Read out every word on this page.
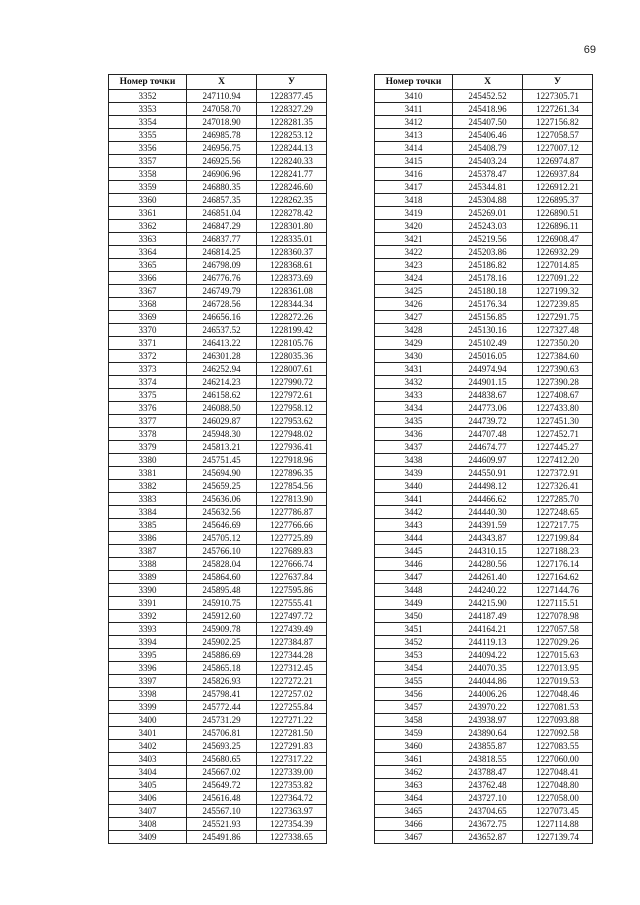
69
Номер точки	X	У
3352	247110.94	1228377.45
3353	247058.70	1228327.29
3354	247018.90	1228281.35
3355	246985.78	1228253.12
3356	246956.75	1228244.13
3357	246925.56	1228240.33
3358	246906.96	1228241.77
3359	246880.35	1228246.60
3360	246857.35	1228262.35
3361	246851.04	1228278.42
3362	246847.29	1228301.80
3363	246837.77	1228335.01
3364	246814.25	1228360.37
3365	246798.09	1228368.61
3366	246776.76	1228373.69
3367	246749.79	1228361.08
3368	246728.56	1228344.34
3369	246656.16	1228272.26
3370	246537.52	1228199.42
3371	246413.22	1228105.76
3372	246301.28	1228035.36
3373	246252.94	1228007.61
3374	246214.23	1227990.72
3375	246158.62	1227972.61
3376	246088.50	1227958.12
3377	246029.87	1227953.62
3378	245948.30	1227948.02
3379	245813.21	1227936.41
3380	245751.45	1227918.96
3381	245694.90	1227896.35
3382	245659.25	1227854.56
3383	245636.06	1227813.90
3384	245632.56	1227786.87
3385	245646.69	1227766.66
3386	245705.12	1227725.89
3387	245766.10	1227689.83
3388	245828.04	1227666.74
3389	245864.60	1227637.84
3390	245895.48	1227595.86
3391	245910.75	1227555.41
3392	245912.60	1227497.72
3393	245909.78	1227439.49
3394	245902.25	1227384.87
3395	245886.69	1227344.28
3396	245865.18	1227312.45
3397	245826.93	1227272.21
3398	245798.41	1227257.02
3399	245772.44	1227255.84
3400	245731.29	1227271.22
3401	245706.81	1227281.50
3402	245693.25	1227291.83
3403	245680.65	1227317.22
3404	245667.02	1227339.00
3405	245649.72	1227353.82
3406	245616.48	1227364.72
3407	245567.10	1227363.97
3408	245521.93	1227354.39
3409	245491.86	1227338.65
Номер точки	X	У
3410	245452.52	1227305.71
3411	245418.96	1227261.34
3412	245407.50	1227156.82
3413	245406.46	1227058.57
3414	245408.79	1227007.12
3415	245403.24	1226974.87
3416	245378.47	1226937.84
3417	245344.81	1226912.21
3418	245304.88	1226895.37
3419	245269.01	1226890.51
3420	245243.03	1226896.11
3421	245219.56	1226908.47
3422	245203.86	1226932.29
3423	245186.82	1227014.85
3424	245178.16	1227091.22
3425	245180.18	1227199.32
3426	245176.34	1227239.85
3427	245156.85	1227291.75
3428	245130.16	1227327.48
3429	245102.49	1227350.20
3430	245016.05	1227384.60
3431	244974.94	1227390.63
3432	244901.15	1227390.28
3433	244838.67	1227408.67
3434	244773.06	1227433.80
3435	244739.72	1227451.30
3436	244707.48	1227452.71
3437	244674.77	1227445.27
3438	244609.97	1227412.20
3439	244550.91	1227372.91
3440	244498.12	1227326.41
3441	244466.62	1227285.70
3442	244440.30	1227248.65
3443	244391.59	1227217.75
3444	244343.87	1227199.84
3445	244310.15	1227188.23
3446	244280.56	1227176.14
3447	244261.40	1227164.62
3448	244240.22	1227144.76
3449	244215.90	1227115.51
3450	244187.49	1227078.98
3451	244164.21	1227057.58
3452	244119.13	1227029.26
3453	244094.22	1227015.63
3454	244070.35	1227013.95
3455	244044.86	1227019.53
3456	244006.26	1227048.46
3457	243970.22	1227081.53
3458	243938.97	1227093.88
3459	243890.64	1227092.58
3460	243855.87	1227083.55
3461	243818.55	1227060.00
3462	243788.47	1227048.41
3463	243762.48	1227048.80
3464	243727.10	1227058.00
3465	243704.65	1227073.45
3466	243672.75	1227114.88
3467	243652.87	1227139.74
